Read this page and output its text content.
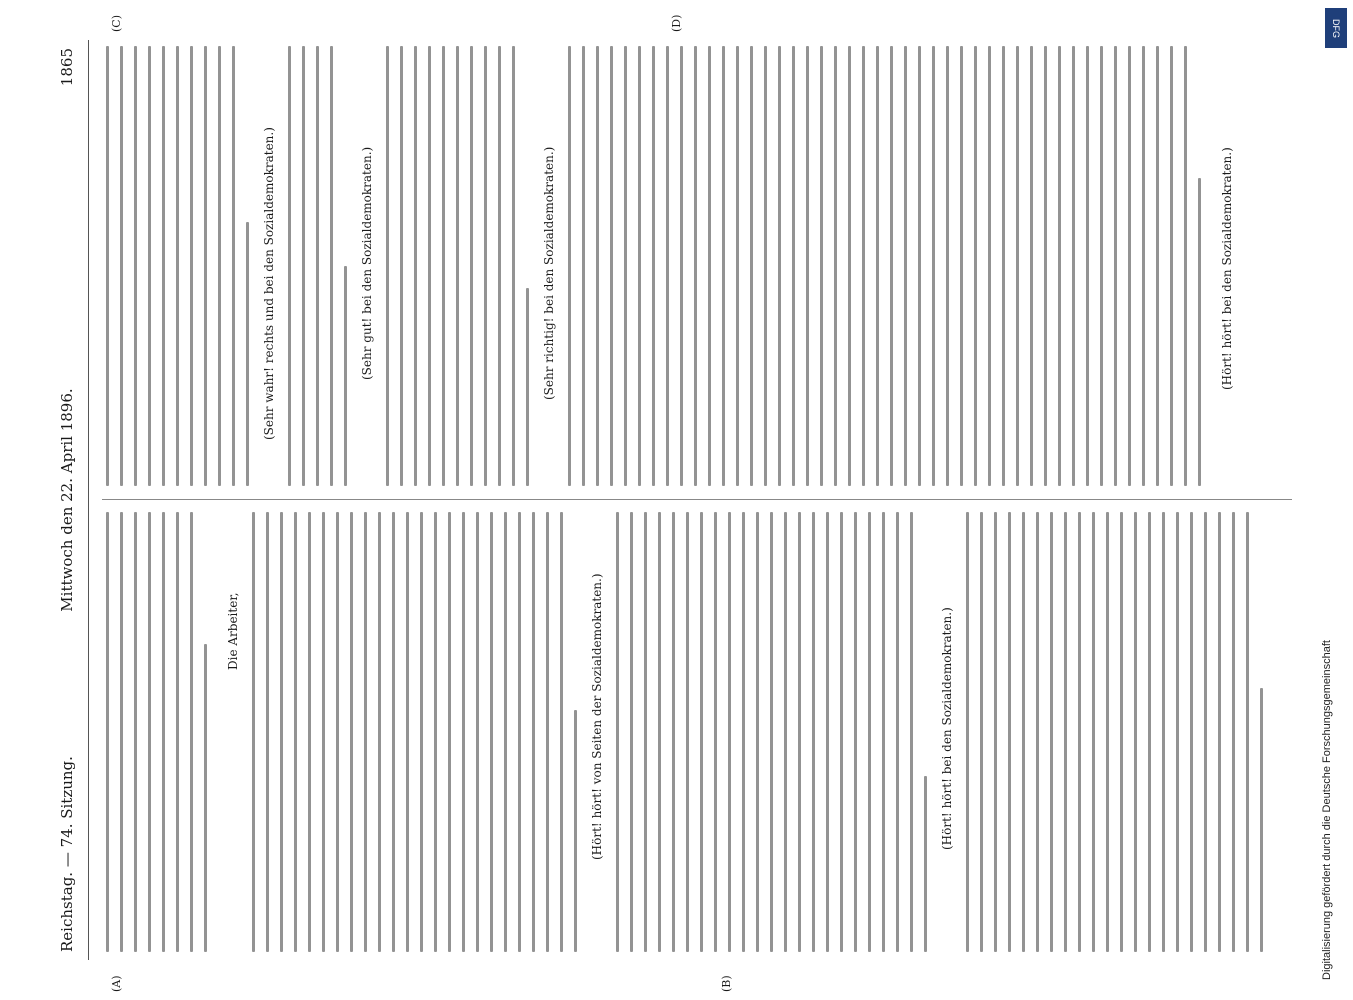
Reichstag. — 74. Sitzung.
Mittwoch den 22. April 1896.
1865
(A)	(B)
(C)	(D)
Die Arbeiter,	(Hört! hört! von Seiten der Sozialdemokraten.)	(Hört! hört! bei den Sozialdemokraten.)
(Sehr wahr! rechts und bei den Sozialdemokraten.)	(Sehr gut! bei den Sozialdemokraten.)	(Sehr richtig! bei den Sozialdemokraten.)	(Hört! hört! bei den Sozialdemokraten.)
Digitalisierung gefördert durch die Deutsche Forschungsgemeinschaft
DFG
